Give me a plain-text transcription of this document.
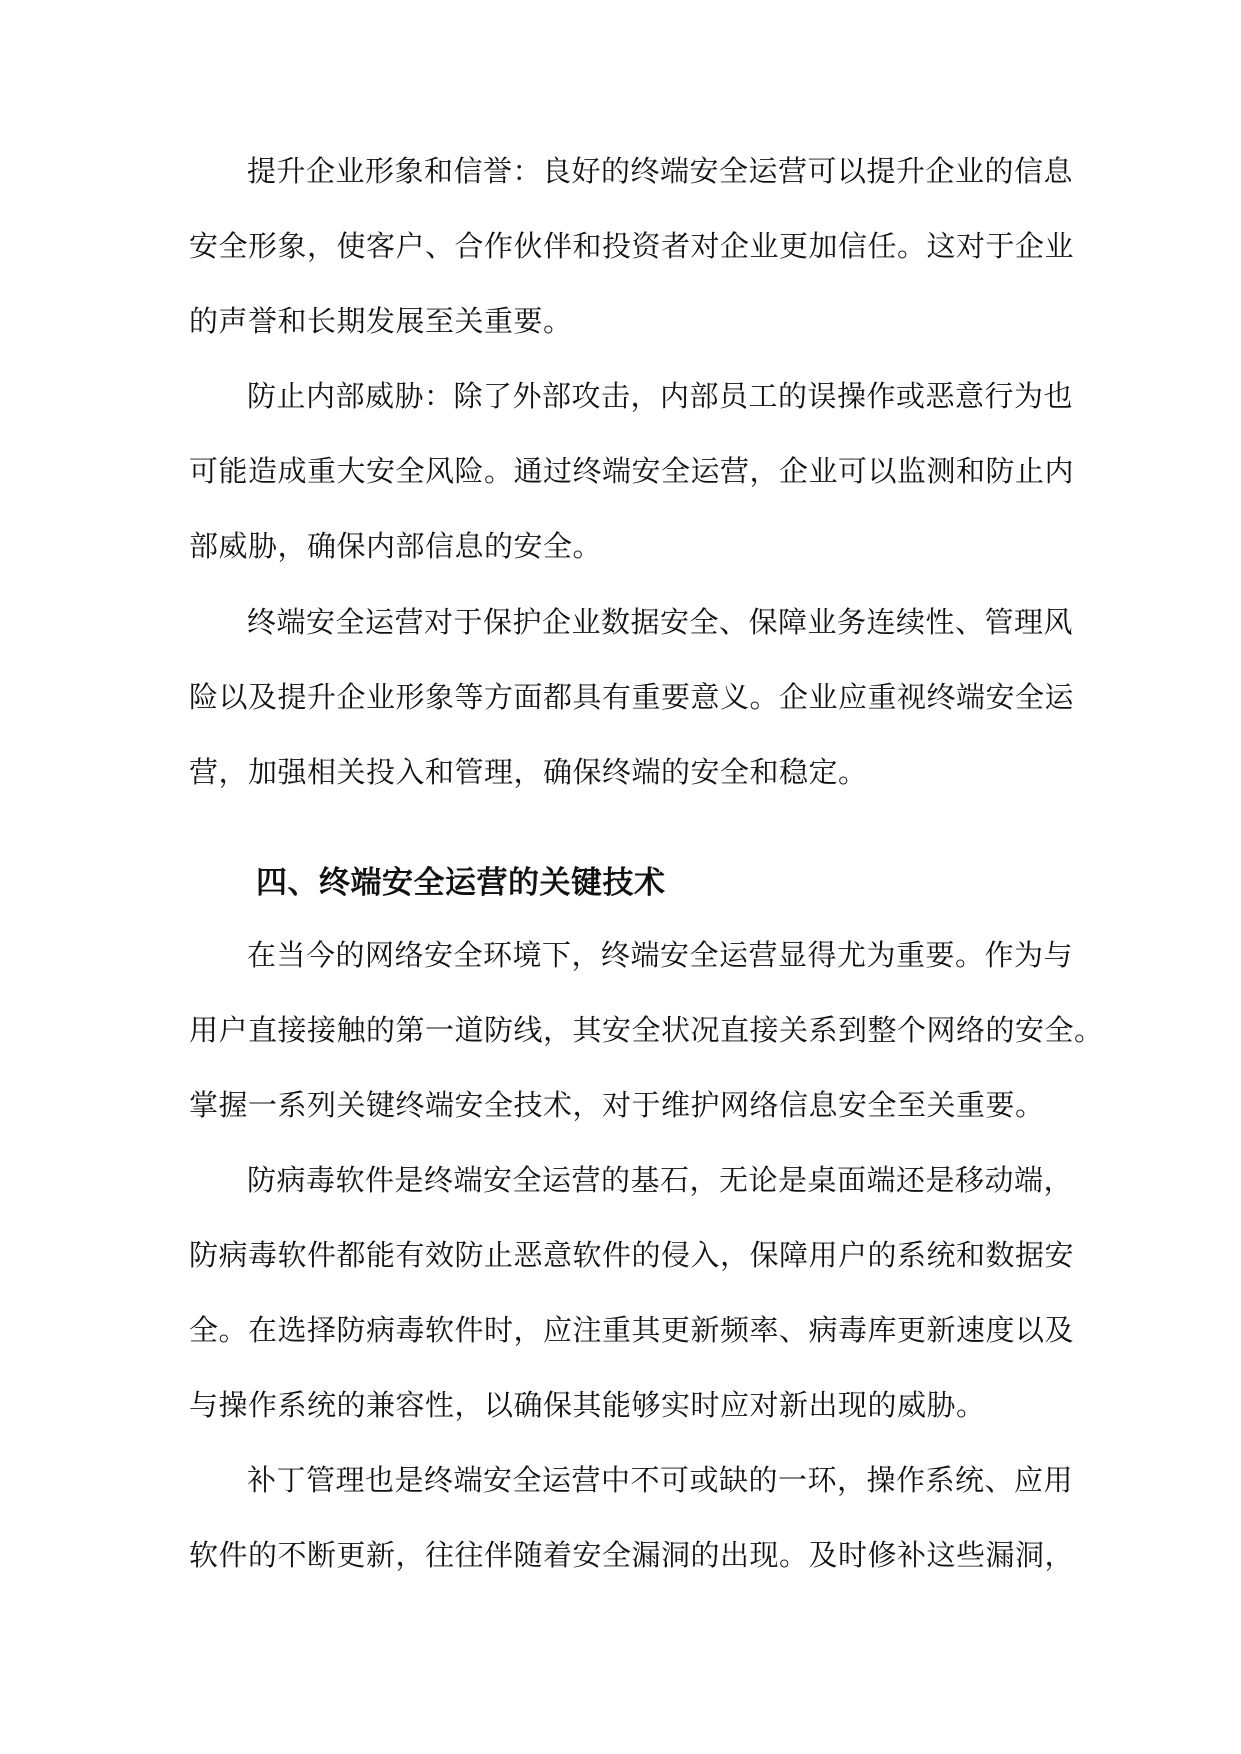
提升企业形象和信誉：良好的终端安全运营可以提升企业的信息
安全形象，使客户、合作伙伴和投资者对企业更加信任。这对于企业
的声誉和长期发展至关重要。
防止内部威胁：除了外部攻击，内部员工的误操作或恶意行为也
可能造成重大安全风险。通过终端安全运营，企业可以监测和防止内
部威胁，确保内部信息的安全。
终端安全运营对于保护企业数据安全、保障业务连续性、管理风
险以及提升企业形象等方面都具有重要意义。企业应重视终端安全运
营，加强相关投入和管理，确保终端的安全和稳定。
四、终端安全运营的关键技术
在当今的网络安全环境下，终端安全运营显得尤为重要。作为与
用户直接接触的第一道防线，其安全状况直接关系到整个网络的安全。
掌握一系列关键终端安全技术，对于维护网络信息安全至关重要。
防病毒软件是终端安全运营的基石，无论是桌面端还是移动端，
防病毒软件都能有效防止恶意软件的侵入，保障用户的系统和数据安
全。在选择防病毒软件时，应注重其更新频率、病毒库更新速度以及
与操作系统的兼容性，以确保其能够实时应对新出现的威胁。
补丁管理也是终端安全运营中不可或缺的一环，操作系统、应用
软件的不断更新，往往伴随着安全漏洞的出现。及时修补这些漏洞，
